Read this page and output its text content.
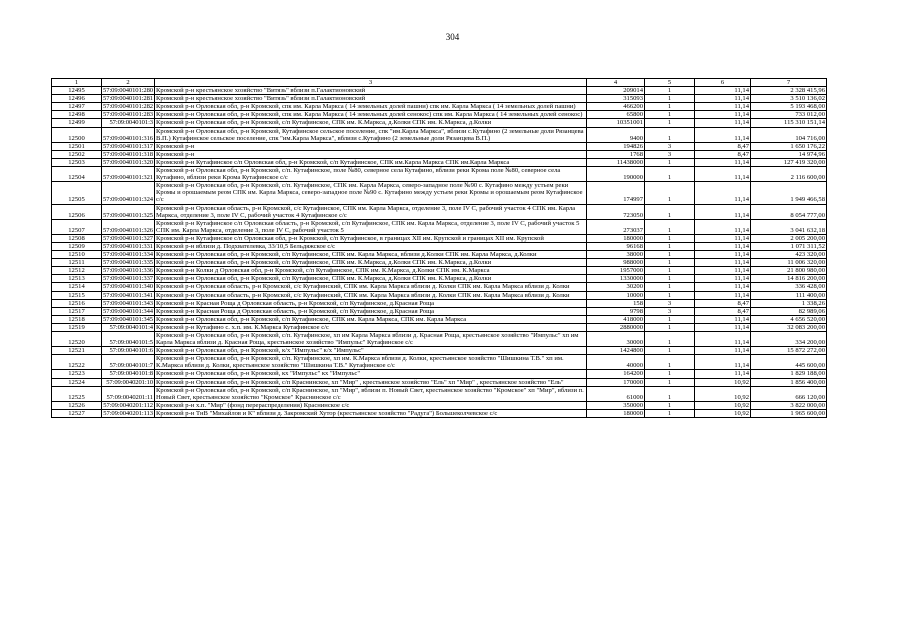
304
1	2	3	4	5	6	7
12495	57:09:0040101:280	Кромской р-н крестьянское хозяйство "Витязь" вблизи п.Галактионовский	209014	1	11,14	2 328 415,96
12496	57:09:0040101:281	Кромской р-н крестьянское хозяйство "Витязь" вблизи п.Галактионовский	315093	1	11,14	3 510 136,02
12497	57:09:0040101:282	Кромской р-н Орловская обл, р-н Кромской, спк им. Карла Маркса ( 14 земельных долей пашни) спк им. Карла Маркса ( 14 земельных долей пашни)	466200	1	11,14	5 193 468,00
12498	57:09:0040101:283	Кромской р-н Орловская обл, р-н Кромской, спк им. Карла Маркса ( 14 земельных долей сенокос) спк им. Карла Маркса ( 14 земельных долей сенокос)	65800	1	11,14	733 012,00
12499	57:09:0040101:3	Кромской р-н Орловская обл, р-н Кромской, с/п Кутафинское, СПК им. К.Маркса, д.Колки СПК им. К.Маркса, д.Колки	10351001	1	11,14	115 310 151,14
12500	57:09:0040101:316	Кромской р-н Орловская обл, р-н Кромской, Кутафинское сельское поселение, спк "им.Карла Маркса", вблизи с.Кутафино (2 земельные доли Рязанцева В.П.) Кутафинское сельское поселение, спк "им.Карла Маркса", вблизи с.Кутафино (2 земельные доли Рязанцева В.П.)	9400	1	11,14	104 716,00
12501	57:09:0040101:317	Кромской р-н	194826	3	8,47	1 650 176,22
12502	57:09:0040101:318	Кромской р-н	1768	3	8,47	14 974,96
12503	57:09:0040101:320	Кромской р-н Кутафинское с/п Орловская обл, р-н Кромской, с/п Кутафинское, СПК им.Карла Маркса СПК им.Карла Маркса	11438000	1	11,14	127 419 320,00
12504	57:09:0040101:321	Кромской р-н Орловская обл, р-н Кромской, с/п. Кутафинское, поле №80, северное села Кутафино, вблизи реки Крома поле №80, северное села Кутафино, вблизи реки Крома Кутафинское с/с	190000	1	11,14	2 116 600,00
12505	57:09:0040101:324	Кромской р-н Орловская обл, р-н Кромской, с/п. Кутафинское, СПК им. Карла Маркса, северо-западное поле №90 с. Кутафино между устьем реки Кромы и орошаемым реом СПК им. Карла Маркса, северо-западное поле №90 с. Кутафино между устьем реки Кромы и орошаемым реом Кутафинское с/с	174997	1	11,14	1 949 466,58
12506	57:09:0040101:325	Кромской р-н Орловская область, р-н Кромской, с/с Кутафинское, СПК им. Карла Маркса, отделение 3, поле IV С, рабочий участок 4 СПК им. Карла Маркса, отделение 3, поле IV С, рабочий участок 4 Кутафинское с/с	723050	1	11,14	8 054 777,00
12507	57:09:0040101:326	Кромской р-н Кутафинское с/п Орловская область, р-н Кромской, с/п Кутафинское, СПК им. Карла Маркса, отделение 3, поле IV С, рабочий участок 5 СПК им. Карла Маркса, отделение 3, поле IV С, рабочий участок 5	273037	1	11,14	3 041 632,18
12508	57:09:0040101:327	Кромской р-н Кутафинское с/п Орловская обл, р-н Кромской, с/п Кутафинское, в границах XII им. Крупской и границах XII им. Крупской	180000	1	11,14	2 005 200,00
12509	57:09:0040101:331	Кромской р-н вблизи д. Подхвателевка, 33/10,5 Бельдяжское с/с	96168	1	11,14	1 071 311,52
12510	57:09:0040101:334	Кромской р-н Орловская обл, р-н Кромской, с/п Кутафинское, СПК им. Карла Маркса, вблизи д.Колки СПК им. Карла Маркса, д.Колки	38000	1	11,14	423 320,00
12511	57:09:0040101:335	Кромской р-н Орловская обл, р-н Кромской, с/п Кутафинское, СПК им. К.Маркса, д.Колки СПК им. К.Маркса, д.Колки	988000	1	11,14	11 006 320,00
12512	57:09:0040101:336	Кромской р-н Колки д Орловская обл, р-н Кромской, с/п Кутафинское, СПК им. К.Маркса, д.Колки СПК им. К.Маркса	1957000	1	11,14	21 800 980,00
12513	57:09:0040101:337	Кромской р-н Орловская обл, р-н Кромской, с/п Кутафинское, СПК им. К.Маркса, д.Колки СПК им. К.Маркса, д.Колки	1330000	1	11,14	14 816 200,00
12514	57:09:0040101:340	Кромской р-н Орловская область, р-н Кромской, с/с Кутафинский, СПК им. Карла Маркса вблизи д. Колки СПК им. Карла Маркса вблизи д. Колки	30200	1	11,14	336 428,00
12515	57:09:0040101:341	Кромской р-н Орловская область, р-н Кромской, с/с Кутафинский, СПК им. Карла Маркса вблизи д. Колки СПК им. Карла Маркса вблизи д. Колки	10000	1	11,14	111 400,00
12516	57:09:0040101:343	Кромской р-н Красная Роща д Орловская область, р-н Кромской, с/п Кутафинское, д.Красная Роща	158	3	8,47	1 338,26
12517	57:09:0040101:344	Кромской р-н Красная Роща д Орловская область, р-н Кромской, с/п Кутафинское, д.Красная Роща	9798	3	8,47	82 989,06
12518	57:09:0040101:345	Кромской р-н Орловская обл, р-н Кромской, с/п Кутафинское, СПК им. Карла Маркса, СПК им. Карла Маркса	418000	1	11,14	4 656 520,00
12519	57:09:0040101:4	Кромской р-н Кутафино с. х.п. им. К.Маркса Кутафинское с/с	2880000	1	11,14	32 083 200,00
12520	57:09:0040101:5	Кромской р-н Орловская обл, р-н Кромской, с/п. Кутафинское, хп им Карла Маркса вблизи д. Красная Роща, крестьянское хозяйство "Импульс" хп им Карла Маркса вблизи д. Красная Роща, крестьянское хозяйство "Импульс" Кутафинское с/с	30000	1	11,14	334 200,00
12521	57:09:0040101:6	Кромской р-н Орловская обл, р-н Кромской, к/х "Импульс" к/х "Импульс"	1424800	1	11,14	15 872 272,00
12522	57:09:0040101:7	Кромской р-н Орловская обл, р-н Кромской, с/п. Кутафинское, хп им. К.Маркса вблизи д. Колки, крестьянское хозяйство "Шишкина Т.В." хп им. К.Маркса вблизи д. Колки, крестьянское хозяйство "Шишкина Т.В." Кутафинское с/с	40000	1	11,14	445 600,00
12523	57:09:0040101:8	Кромской р-н Орловская обл, р-н Кромской, кх "Импульс" кх "Импульс"	164200	1	11,14	1 829 188,00
12524	57:09:0040201:10	Кромской р-н Орловская обл, р-н Кромской, с/п Краснинское, хп "Мир" , крестьянское хозяйство "Ель" хп "Мир" , крестьянское хозяйство "Ель"	170000	1	10,92	1 856 400,00
12525	57:09:0040201:11	Кромской р-н Орловская обл, р-н Кромской, с/п Краснинское, хп "Мир", вблизи п. Новый Свет, крестьянское хозяйство "Кромское" хп "Мир", вблизи п. Новый Свет, крестьянское хозяйство "Кромское" Краснинское с/с	61000	1	10,92	666 120,00
12526	57:09:0040201:112	Кромской р-н х.п. "Мир" (фонд перераспределения) Краснинское с/с	350000	1	10,92	3 822 000,00
12527	57:09:0040201:113	Кромской р-н ТнВ "Михайлов и К" вблизи д. Закромский Хутор (крестьянское хозяйство "Радуга") Большеколчевское с/с	180000	1	10,92	1 965 600,00
